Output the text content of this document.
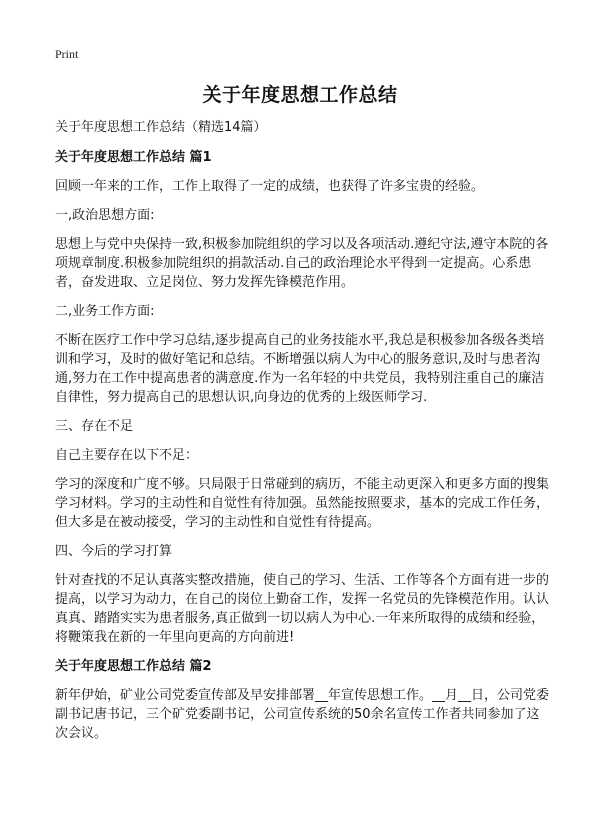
Print
关于年度思想工作总结

关于年度思想工作总结（精选14篇）

关于年度思想工作总结 篇1

回顾一年来的工作，工作上取得了一定的成绩，也获得了许多宝贵的经验。

一,政治思想方面:

思想上与党中央保持一致,积极参加院组织的学习以及各项活动.遵纪守法,遵守本院的各项规章制度.积极参加院组织的捐款活动.自己的政治理论水平得到一定提高。心系患者，奋发进取、立足岗位、努力发挥先锋模范作用。

二,业务工作方面:

不断在医疗工作中学习总结,逐步提高自己的业务技能水平,我总是积极参加各级各类培训和学习，及时的做好笔记和总结。不断增强以病人为中心的服务意识,及时与患者沟通,努力在工作中提高患者的满意度.作为一名年轻的中共党员，我特别注重自己的廉洁自律性，努力提高自己的思想认识,向身边的优秀的上级医师学习.

三、存在不足

自己主要存在以下不足：

学习的深度和广度不够。只局限于日常碰到的病历，不能主动更深入和更多方面的搜集学习材料。学习的主动性和自觉性有待加强。虽然能按照要求，基本的完成工作任务，但大多是在被动接受，学习的主动性和自觉性有待提高。

四、今后的学习打算

针对查找的不足认真落实整改措施，使自己的学习、生活、工作等各个方面有进一步的提高，以学习为动力，在自己的岗位上勤奋工作，发挥一名党员的先锋模范作用。认认真真、踏踏实实为患者服务,真正做到一切以病人为中心.一年来所取得的成绩和经验，将鞭策我在新的一年里向更高的方向前进!

关于年度思想工作总结 篇2

新年伊始，矿业公司党委宣传部及早安排部署__年宣传思想工作。__月__日，公司党委副书记唐书记，三个矿党委副书记，公司宣传系统的50余名宣传工作者共同参加了这次会议。
